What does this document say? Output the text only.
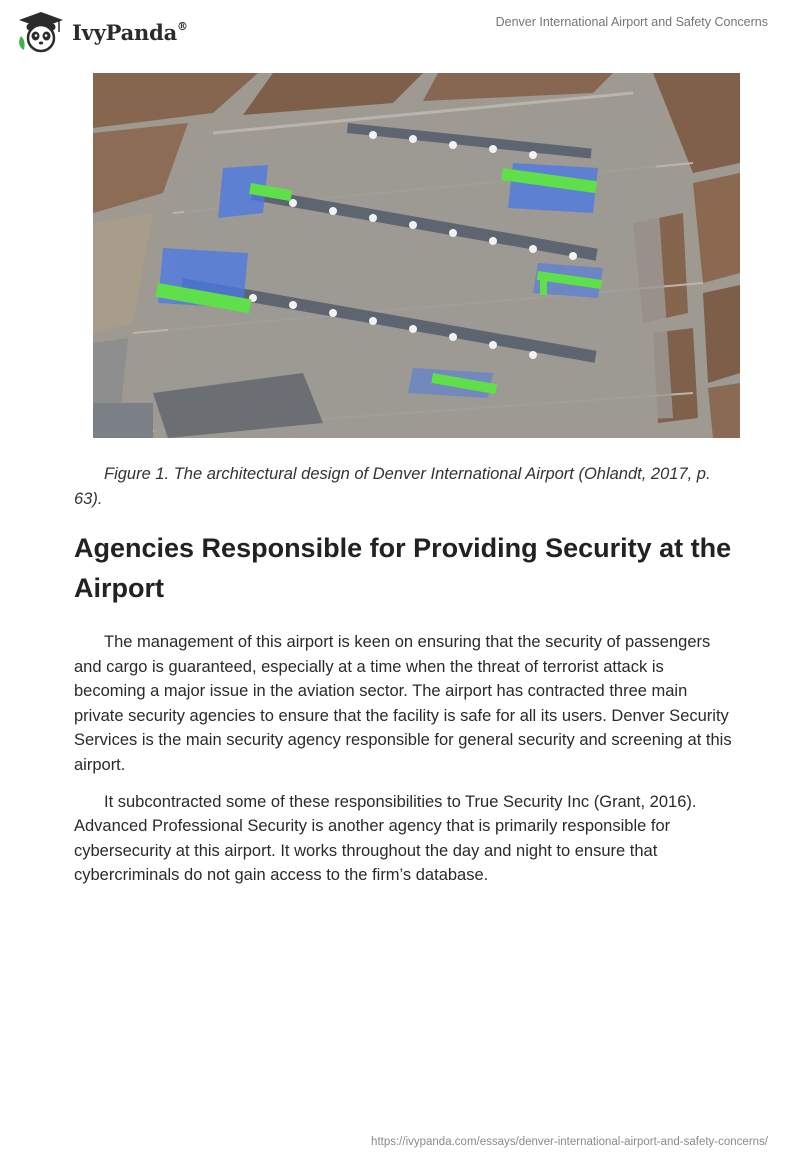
IvyPanda®	Denver International Airport and Safety Concerns

Figure 1. The architectural design of Denver International Airport (Ohlandt, 2017, p. 63).

Agencies Responsible for Providing Security at the Airport

The management of this airport is keen on ensuring that the security of passengers and cargo is guaranteed, especially at a time when the threat of terrorist attack is becoming a major issue in the aviation sector. The airport has contracted three main private security agencies to ensure that the facility is safe for all its users. Denver Security Services is the main security agency responsible for general security and screening at this airport.

It subcontracted some of these responsibilities to True Security Inc (Grant, 2016). Advanced Professional Security is another agency that is primarily responsible for cybersecurity at this airport. It works throughout the day and night to ensure that cybercriminals do not gain access to the firm’s database.

https://ivypanda.com/essays/denver-international-airport-and-safety-concerns/
